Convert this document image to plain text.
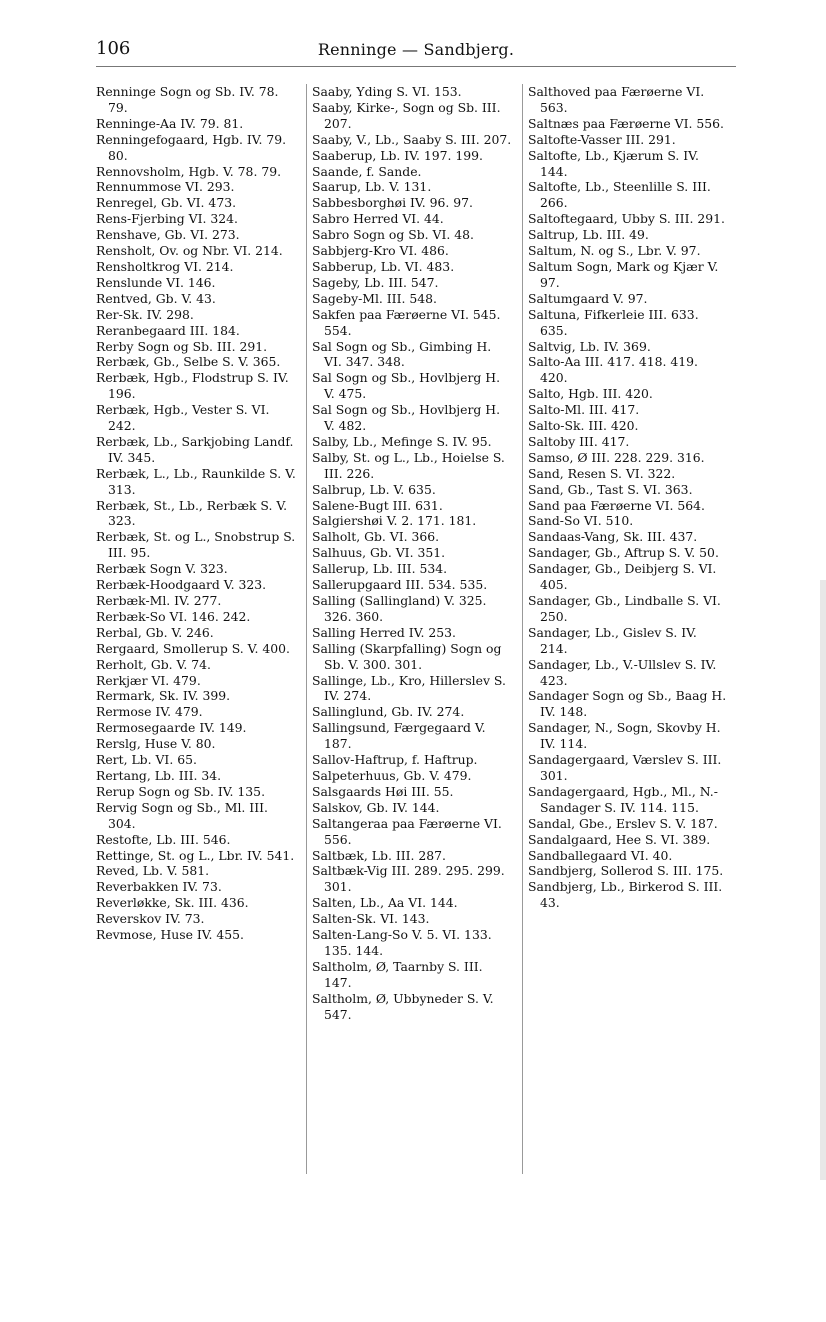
106	Renninge — Sandbjerg.

Renninge Sogn og Sb. IV. 78. 79.

Renninge-Aa IV. 79. 81.

Renningefogaard, Hgb. IV. 79. 80.

Rennovsholm, Hgb. V. 78. 79.

Rennummose VI. 293.

Renregel, Gb. VI. 473.

Rens-Fjerbing VI. 324.

Renshave, Gb. VI. 273.

Rensholt, Ov. og Nbr. VI. 214.

Rensholtkrog VI. 214.

Renslunde VI. 146.

Rentved, Gb. V. 43.

Rer-Sk. IV. 298.

Reranbegaard III. 184.

Rerby Sogn og Sb. III. 291.

Rerbæk, Gb., Selbe S. V. 365.

Rerbæk, Hgb., Flodstrup S. IV. 196.

Rerbæk, Hgb., Vester S. VI. 242.

Rerbæk, Lb., Sarkjobing Landf. IV. 345.

Rerbæk, L., Lb., Raunkilde S. V. 313.

Rerbæk, St., Lb., Rerbæk S. V. 323.

Rerbæk, St. og L., Snobstrup S. III. 95.

Rerbæk Sogn V. 323.

Rerbæk-Hoodgaard V. 323.

Rerbæk-Ml. IV. 277.

Rerbæk-So VI. 146. 242.

Rerbal, Gb. V. 246.

Rergaard, Smollerup S. V. 400.

Rerholt, Gb. V. 74.

Rerkjær VI. 479.

Rermark, Sk. IV. 399.

Rermose IV. 479.

Rermosegaarde IV. 149.

Rerslg, Huse V. 80.

Rert, Lb. VI. 65.

Rertang, Lb. III. 34.

Rerup Sogn og Sb. IV. 135.

Rervig Sogn og Sb., Ml. III. 304.

Restofte, Lb. III. 546.

Rettinge, St. og L., Lbr. IV. 541.

Reved, Lb. V. 581.

Reverbakken IV. 73.

Reverløkke, Sk. III. 436.

Reverskov IV. 73.

Revmose, Huse IV. 455.

Saaby, Yding S. VI. 153.

Saaby, Kirke-, Sogn og Sb. III. 207.

Saaby, V., Lb., Saaby S. III. 207.

Saaberup, Lb. IV. 197. 199.

Saande, f. Sande.

Saarup, Lb. V. 131.

Sabbesborghøi IV. 96. 97.

Sabro Herred VI. 44.

Sabro Sogn og Sb. VI. 48.

Sabbjerg-Kro VI. 486.

Sabberup, Lb. VI. 483.

Sageby, Lb. III. 547.

Sageby-Ml. III. 548.

Sakfen paa Færøerne VI. 545. 554.

Sal Sogn og Sb., Gimbing H. VI. 347. 348.

Sal Sogn og Sb., Hovlbjerg H. V. 475.

Sal Sogn og Sb., Hovlbjerg H. V. 482.

Salby, Lb., Mefinge S. IV. 95.

Salby, St. og L., Lb., Hoielse S. III. 226.

Salbrup, Lb. V. 635.

Salene-Bugt III. 631.

Salgiershøi V. 2. 171. 181.

Salholt, Gb. VI. 366.

Salhuus, Gb. VI. 351.

Sallerup, Lb. III. 534.

Sallerupgaard III. 534. 535.

Salling (Sallingland) V. 325. 326. 360.

Salling Herred IV. 253.

Salling (Skarpfalling) Sogn og Sb. V. 300. 301.

Sallinge, Lb., Kro, Hillerslev S. IV. 274.

Sallinglund, Gb. IV. 274.

Sallingsund, Færgegaard V. 187.

Sallov-Haftrup, f. Haftrup.

Salpeterhuus, Gb. V. 479.

Salsgaards Høi III. 55.

Salskov, Gb. IV. 144.

Saltangeraa paa Færøerne VI. 556.

Saltbæk, Lb. III. 287.

Saltbæk-Vig III. 289. 295. 299. 301.

Salten, Lb., Aa VI. 144.

Salten-Sk. VI. 143.

Salten-Lang-So V. 5. VI. 133. 135. 144.

Saltholm, Ø, Taarnby S. III. 147.

Saltholm, Ø, Ubbyneder S. V. 547.

Salthoved paa Færøerne VI. 563.

Saltnæs paa Færøerne VI. 556.

Saltofte-Vasser III. 291.

Saltofte, Lb., Kjærum S. IV. 144.

Saltofte, Lb., Steenlille S. III. 266.

Saltoftegaard, Ubby S. III. 291.

Saltrup, Lb. III. 49.

Saltum, N. og S., Lbr. V. 97.

Saltum Sogn, Mark og Kjær V. 97.

Saltumgaard V. 97.

Saltuna, Fifkerleie III. 633. 635.

Saltvig, Lb. IV. 369.

Salto-Aa III. 417. 418. 419. 420.

Salto, Hgb. III. 420.

Salto-Ml. III. 417.

Salto-Sk. III. 420.

Saltoby III. 417.

Samso, Ø III. 228. 229. 316.

Sand, Resen S. VI. 322.

Sand, Gb., Tast S. VI. 363.

Sand paa Færøerne VI. 564.

Sand-So VI. 510.

Sandaas-Vang, Sk. III. 437.

Sandager, Gb., Aftrup S. V. 50.

Sandager, Gb., Deibjerg S. VI. 405.

Sandager, Gb., Lindballe S. VI. 250.

Sandager, Lb., Gislev S. IV. 214.

Sandager, Lb., V.-Ullslev S. IV. 423.

Sandager Sogn og Sb., Baag H. IV. 148.

Sandager, N., Sogn, Skovby H. IV. 114.

Sandagergaard, Værslev S. III. 301.

Sandagergaard, Hgb., Ml., N.-Sandager S. IV. 114. 115.

Sandal, Gbe., Erslev S. V. 187.

Sandalgaard, Hee S. VI. 389.

Sandballegaard VI. 40.

Sandbjerg, Sollerod S. III. 175.

Sandbjerg, Lb., Birkerod S. III. 43.
